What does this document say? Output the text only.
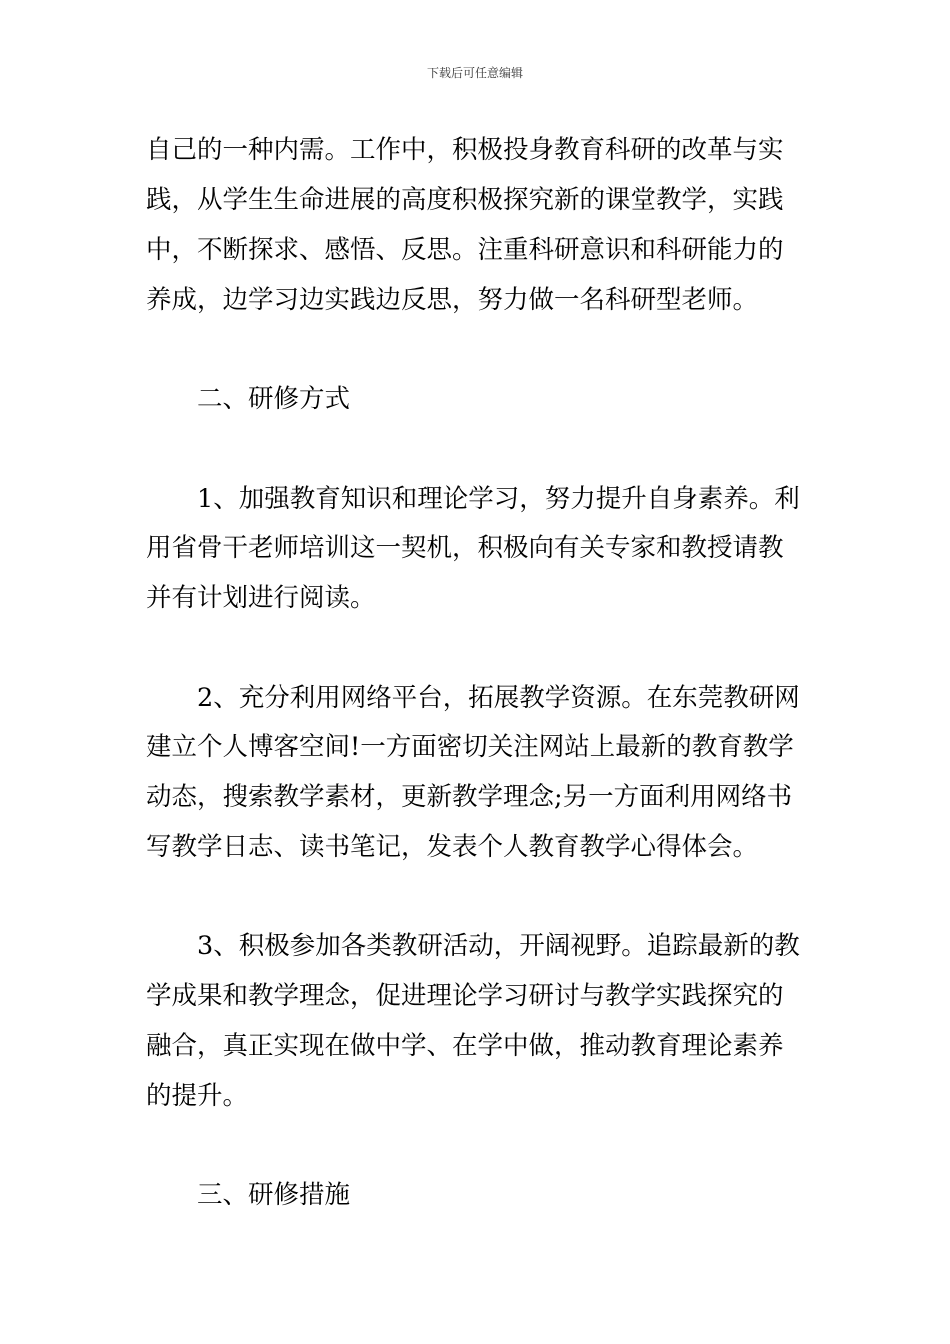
下载后可任意编辑
自己的一种内需。工作中，积极投身教育科研的改革与实
践，从学生生命进展的高度积极探究新的课堂教学，实践
中，不断探求、感悟、反思。注重科研意识和科研能力的
养成，边学习边实践边反思，努力做一名科研型老师。
　　二、研修方式
　　1、加强教育知识和理论学习，努力提升自身素养。利
用省骨干老师培训这一契机，积极向有关专家和教授请教
并有计划进行阅读。
　　2、充分利用网络平台，拓展教学资源。在东莞教研网
建立个人博客空间!一方面密切关注网站上最新的教育教学
动态，搜索教学素材，更新教学理念;另一方面利用网络书
写教学日志、读书笔记，发表个人教育教学心得体会。
　　3、积极参加各类教研活动，开阔视野。追踪最新的教
学成果和教学理念，促进理论学习研讨与教学实践探究的
融合，真正实现在做中学、在学中做，推动教育理论素养
的提升。
　　三、研修措施
